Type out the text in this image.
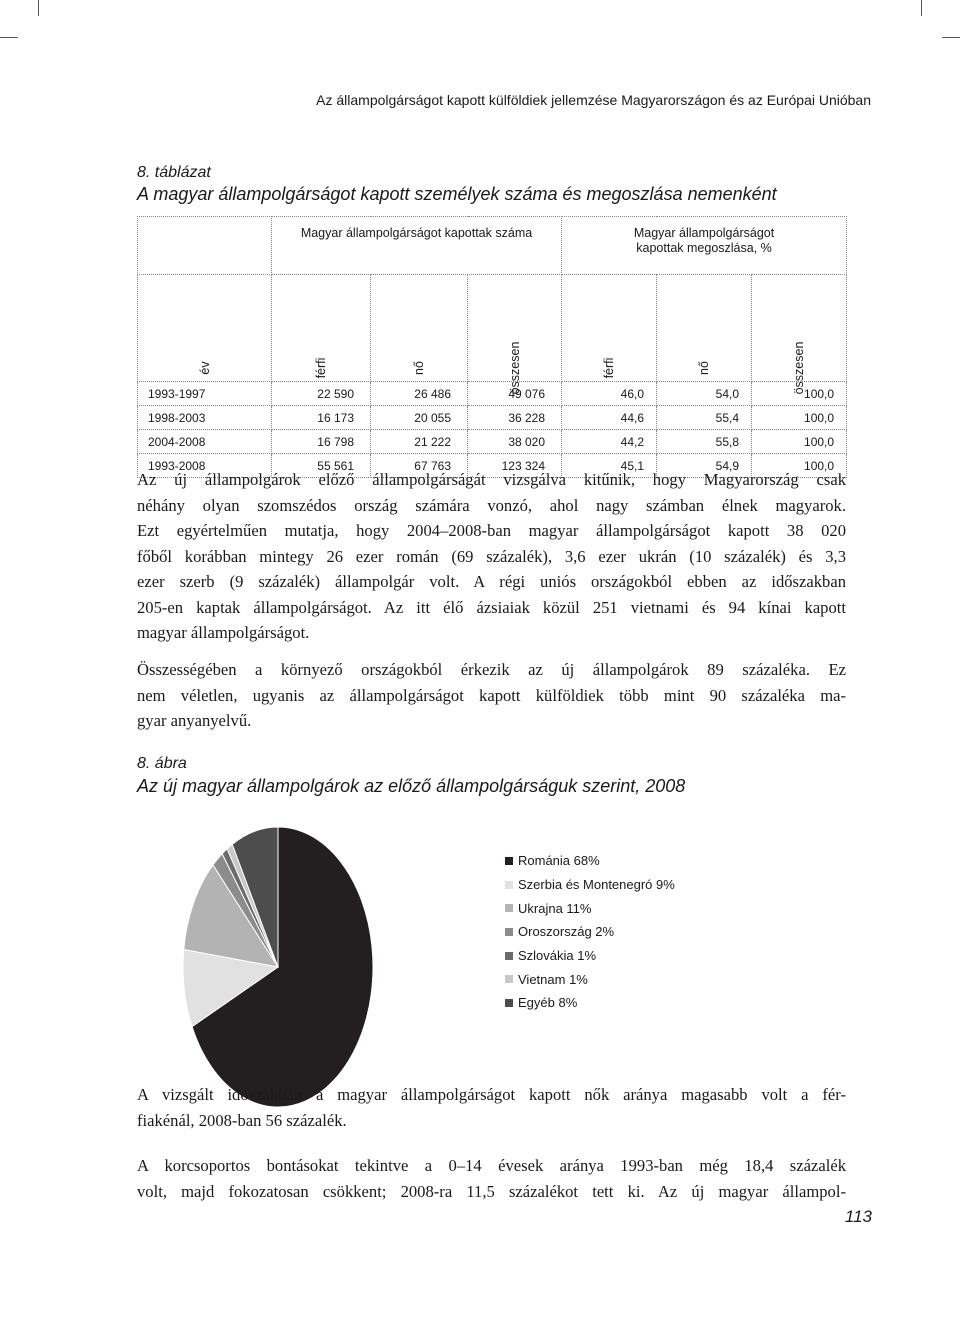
Az állampolgárságot kapott külföldiek jellemzése Magyarországon és az Európai Unióban
8. táblázat
A magyar állampolgárságot kapott személyek száma és megoszlása nemenként
	Magyar állampolgárságot kapottak száma			Magyar állampolgárságot
kapottak megoszlása, %		

év	férfi	nő	összesen	férfi	nő	összesen

1993-1997	22 590	26 486	49 076	46,0	54,0	100,0
1998-2003	16 173	20 055	36 228	44,6	55,4	100,0
2004-2008	16 798	21 222	38 020	44,2	55,8	100,0
1993-2008	55 561	67 763	123 324	45,1	54,9	100,0
Az új állampolgárok előző állampolgárságát vizsgálva kitűnik, hogy Magyarország csak
néhány olyan szomszédos ország számára vonzó, ahol nagy számban élnek magyarok.
Ezt egyértelműen mutatja, hogy 2004–2008-ban magyar állampolgárságot kapott 38 020
főből korábban mintegy 26 ezer román (69 százalék), 3,6 ezer ukrán (10 százalék) és 3,3
ezer szerb (9 százalék) állampolgár volt. A régi uniós országokból ebben az időszakban
205-en kaptak állampolgárságot. Az itt élő ázsiaiak közül 251 vietnami és 94 kínai kapott
magyar állampolgárságot.
Összességében a környező országokból érkezik az új állampolgárok 89 százaléka. Ez
nem véletlen, ugyanis az állampolgárságot kapott külföldiek több mint 90 százaléka ma-
gyar anyanyelvű.
8. ábra
Az új magyar állampolgárok az előző állampolgárságuk szerint, 2008
Románia 68%
Szerbia és Montenegró 9%
Ukrajna 11%
Oroszország 2%
Szlovákia 1%
Vietnam 1%
Egyéb 8%
A vizsgált időszakban a magyar állampolgárságot kapott nők aránya magasabb volt a fér-
fiakénál, 2008-ban 56 százalék.
A korcsoportos bontásokat tekintve a 0–14 évesek aránya 1993-ban még 18,4 százalék
volt, majd fokozatosan csökkent; 2008-ra 11,5 százalékot tett ki. Az új magyar állampol-
113
